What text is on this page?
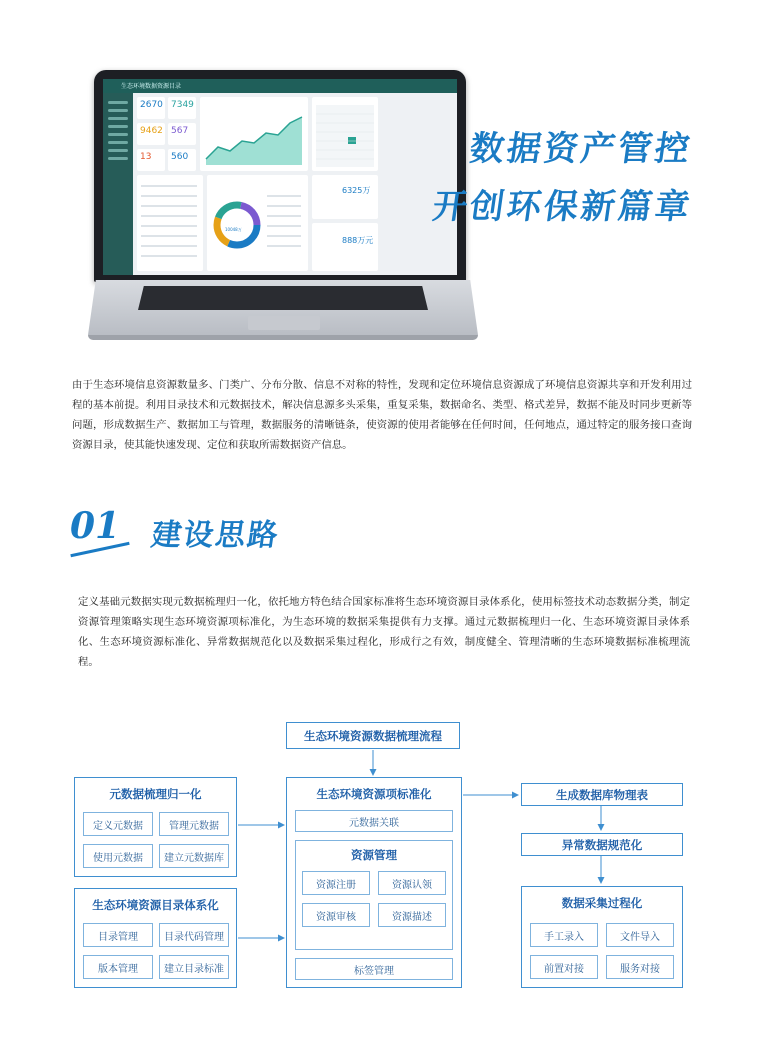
生态环境数据资源目录
2670 7349
9462 567
13 560
10048万
6325万
888万元
数据资产管控
开创环保新篇章

由于生态环境信息资源数量多、门类广、分布分散、信息不对称的特性，发现和定位环境信息资源成了环境信息资源共享和开发利用过程的基本前提。利用目录技术和元数据技术，解决信息源多头采集，重复采集，数据命名、类型、格式差异，数据不能及时同步更新等问题，形成数据生产、数据加工与管理，数据服务的清晰链条，使资源的使用者能够在任何时间，任何地点，通过特定的服务接口查询资源目录，使其能快速发现、定位和获取所需数据资产信息。

01 建设思路

定义基础元数据实现元数据梳理归一化，依托地方特色结合国家标准将生态环境资源目录体系化，使用标签技术动态数据分类，制定资源管理策略实现生态环境资源项标准化，为生态环境的数据采集提供有力支撑。通过元数据梳理归一化、生态环境资源目录体系化、生态环境资源标准化、异常数据规范化以及数据采集过程化，形成行之有效，制度健全、管理清晰的生态环境数据标准梳理流程。

生态环境资源数据梳理流程
元数据梳理归一化
定义元数据	管理元数据
使用元数据	建立元数据库
生态环境资源目录体系化
目录管理	目录代码管理
版本管理	建立目录标准
生态环境资源项标准化
元数据关联
资源管理
资源注册	资源认领
资源审核	资源描述
标签管理
生成数据库物理表
异常数据规范化
数据采集过程化
手工录入	文件导入
前置对接	服务对接
